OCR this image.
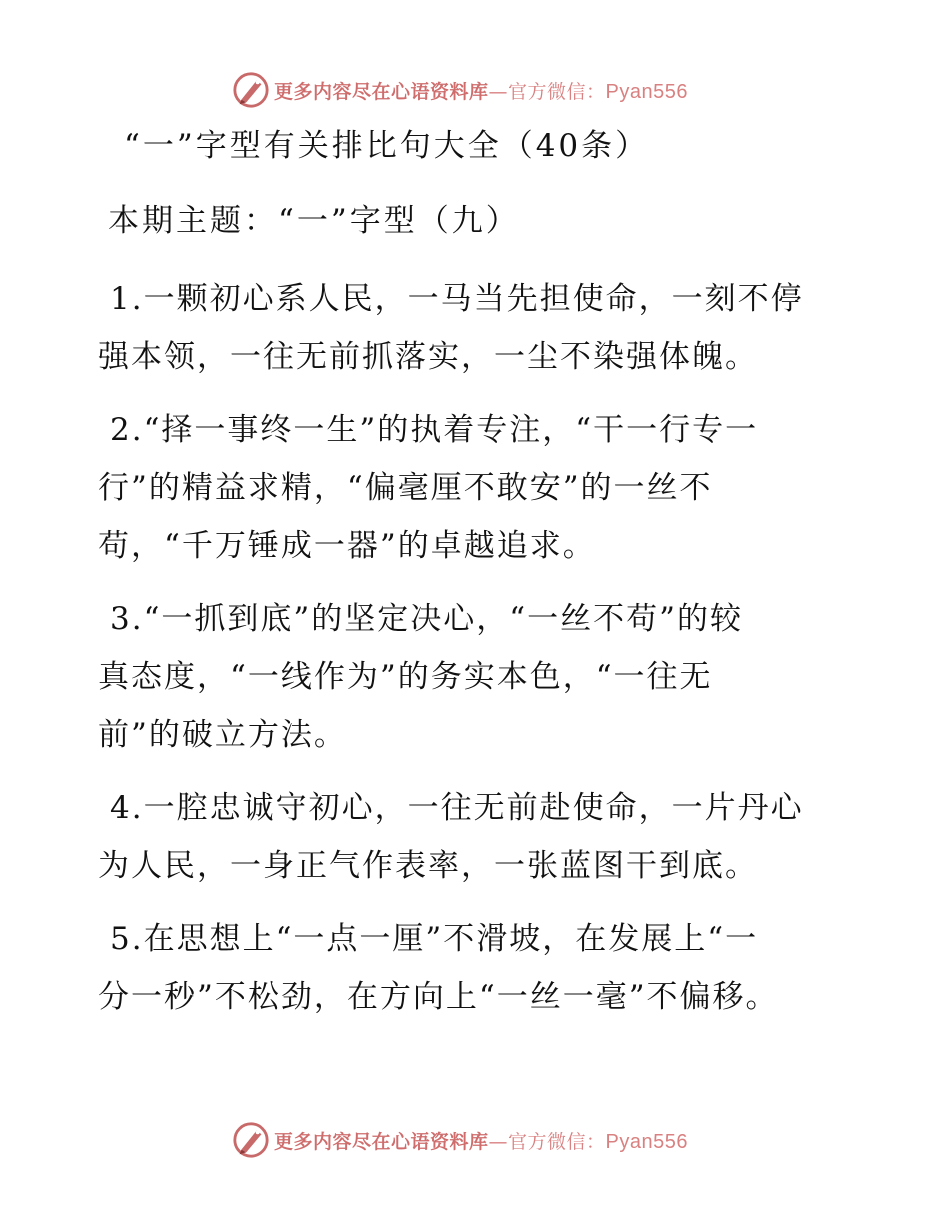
更多内容尽在心语资料库—官方微信：Pyan556
“一”字型有关排比句大全（40条）
本期主题：“一”字型（九）
1.一颗初心系人民，一马当先担使命，一刻不停
强本领，一往无前抓落实，一尘不染强体魄。
2.“择一事终一生”的执着专注，“干一行专一
行”的精益求精，“偏毫厘不敢安”的一丝不
苟，“千万锤成一器”的卓越追求。
3.“一抓到底”的坚定决心，“一丝不苟”的较
真态度，“一线作为”的务实本色，“一往无
前”的破立方法。
4.一腔忠诚守初心，一往无前赴使命，一片丹心
为人民，一身正气作表率，一张蓝图干到底。
5.在思想上“一点一厘”不滑坡，在发展上“一
分一秒”不松劲，在方向上“一丝一毫”不偏移。
更多内容尽在心语资料库—官方微信：Pyan556
